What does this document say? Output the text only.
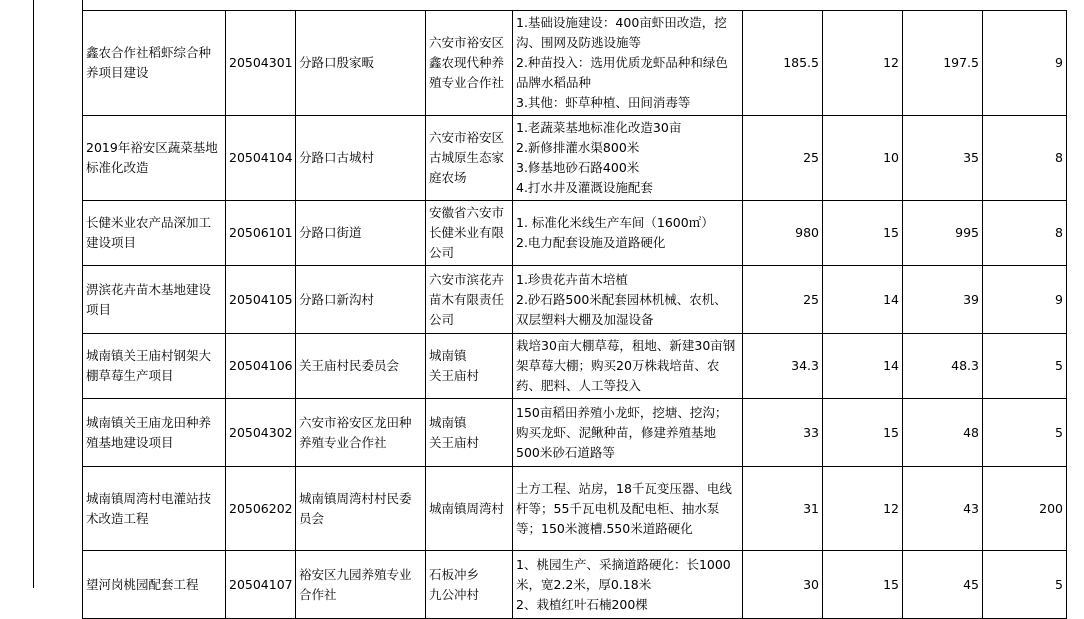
鑫农合作社稻虾综合种养项目建设	20504301	分路口殷家畈	六安市裕安区鑫农现代种养殖专业合作社	1.基础设施建设：400亩虾田改造，挖沟、围网及防逃设施等
2.种苗投入：选用优质龙虾品种和绿色品牌水稻品种
3.其他：虾草种植、田间消毒等	185.5	12	197.5	9
2019年裕安区蔬菜基地标准化改造	20504104	分路口古城村	六安市裕安区古城原生态家庭农场	1.老蔬菜基地标准化改造30亩
2.新修排灌水渠800米
3.修基地砂石路400米
4.打水井及灌溉设施配套	25	10	35	8
长健米业农产品深加工建设项目	20506101	分路口街道	安徽省六安市长健米业有限公司	1. 标准化米线生产车间（1600㎡）
2.电力配套设施及道路硬化	980	15	995	8
淠滨花卉苗木基地建设项目	20504105	分路口新沟村	六安市滨花卉苗木有限责任公司	1.珍贵花卉苗木培植
2.砂石路500米配套园林机械、农机、双层塑料大棚及加湿设备	25	14	39	9
城南镇关王庙村钢架大棚草莓生产项目	20504106	关王庙村民委员会	城南镇
关王庙村	栽培30亩大棚草莓，租地、新建30亩钢架草莓大棚；购买20万株栽培苗、农药、肥料、人工等投入	34.3	14	48.3	5
城南镇关王庙龙田种养殖基地建设项目	20504302	六安市裕安区龙田种养殖专业合作社	城南镇
关王庙村	150亩稻田养殖小龙虾，挖塘、挖沟；购买龙虾、泥鳅种苗，修建养殖基地500米砂石道路等	33	15	48	5
城南镇周湾村电灌站技术改造工程	20506202	城南镇周湾村村民委员会	城南镇周湾村	土方工程、站房，18千瓦变压器、电线杆等；55千瓦电机及配电柜、抽水泵等；150米渡槽.550米道路硬化	31	12	43	200
望河岗桃园配套工程	20504107	裕安区九园养殖专业合作社	石板冲乡
九公冲村	1、桃园生产、采摘道路硬化：长1000米，宽2.2米，厚0.18米
2、栽植红叶石楠200棵	30	15	45	5
